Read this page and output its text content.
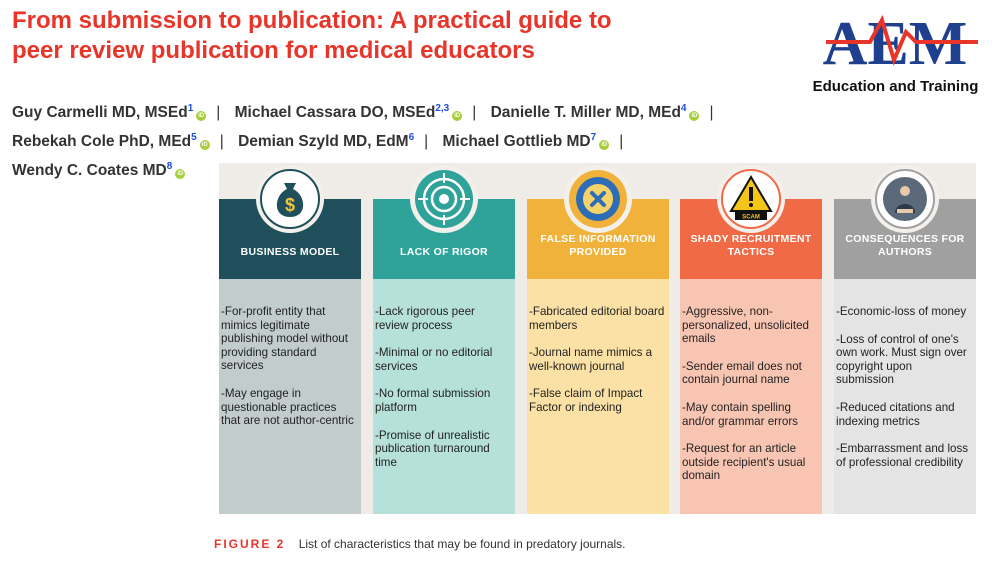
From submission to publication: A practical guide to peer review publication for medical educators	AEM
Education and Training
Guy Carmelli MD, MSEd$^1$iD | Michael Cassara DO, MSEd$^{2,3}$iD | Danielle T. Miller MD, MEd$^4$iD |
Rebekah Cole PhD, MEd$^5$iD | Demian Szyld MD, EdM$^6$ | Michael Gottlieb $MD^7iD$ |
Wendy C. Coates $MD^8iD$
BUSINESS MODEL

-For-profit entity that mimics legitimate publishing model without providing standard services

-May engage in questionable practices that are not author-centric

$
LACK OF RIGOR

-Lack rigorous peer review process

-Minimal or no editorial services

-No formal submission platform

-Promise of unrealistic publication turnaround time

FALSE INFORMATION PROVIDED

-Fabricated editorial board members

-Journal name mimics a well-known journal

-False claim of Impact Factor or indexing

SHADY RECRUITMENT TACTICS

-Aggressive, non-personalized, unsolicited emails

-Sender email does not contain journal name

-May contain spelling and/or grammar errors

-Request for an article outside recipient's usual domain

SCAM
CONSEQUENCES FOR AUTHORS

-Economic-loss of money

-Loss of control of one's own work. Must sign over copyright upon submission

-Reduced citations and indexing metrics

-Embarrassment and loss of professional credibility

FIGURE 2 List of characteristics that may be found in predatory journals.
